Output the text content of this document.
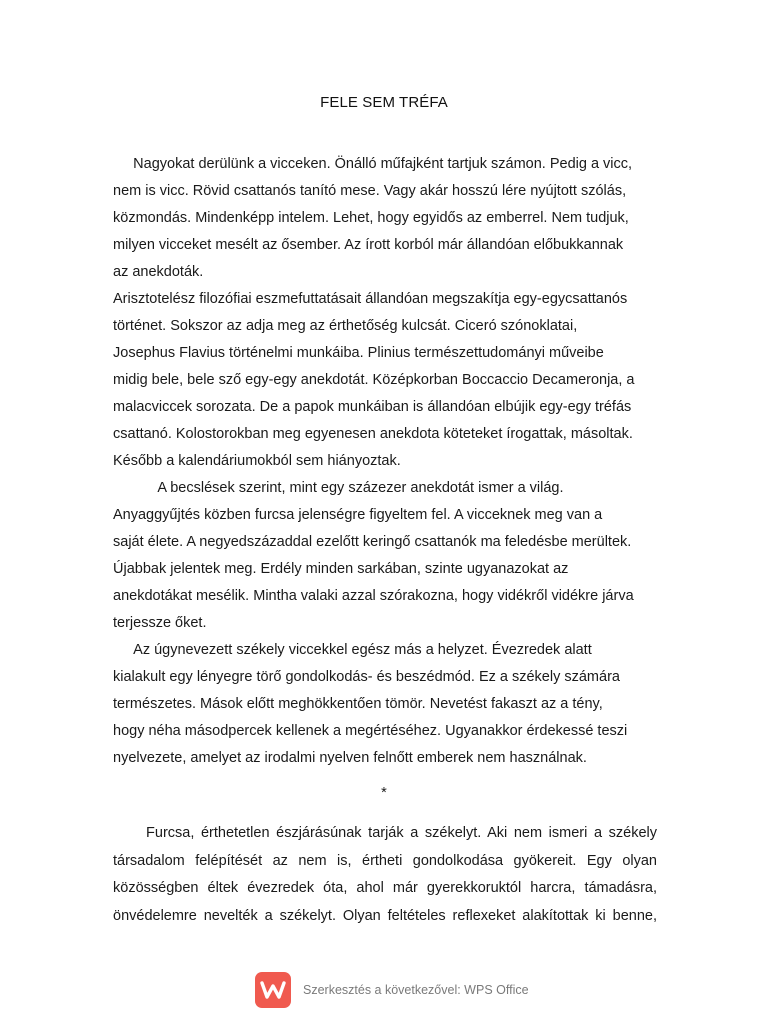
FELE SEM TRÉFA

Nagyokat derülünk a vicceken. Önálló műfajként tartjuk számon. Pedig a vicc,

nem is vicc. Rövid csattanós tanító mese. Vagy akár hosszú lére nyújtott szólás,

közmondás. Mindenképp intelem. Lehet, hogy egyidős az emberrel. Nem tudjuk,

milyen vicceket mesélt az ősember. Az írott korból már állandóan előbukkannak

az anekdoták.

Arisztotelész filozófiai eszmefuttatásait állandóan megszakítja egy-egycsattanós

történet. Sokszor az adja meg az érthetőség kulcsát. Ciceró szónoklatai,

Josephus Flavius történelmi munkáiba. Plinius természettudományi műveibe

midig bele, bele sző egy-egy anekdotát. Középkorban Boccaccio Decameronja, a

malacviccek sorozata. De a papok munkáiban is állandóan elbújik egy-egy tréfás

csattanó. Kolostorokban meg egyenesen anekdota köteteket írogattak, másoltak.

Később a kalendáriumokból sem hiányoztak.

A becslések szerint, mint egy százezer anekdotát ismer a világ.

Anyaggyűjtés közben furcsa jelenségre figyeltem fel. A vicceknek meg van a

saját élete. A negyedszázaddal ezelőtt keringő csattanók ma feledésbe merültek.

Újabbak jelentek meg. Erdély minden sarkában, szinte ugyanazokat az

anekdotákat mesélik. Mintha valaki azzal szórakozna, hogy vidékről vidékre járva

terjessze őket.

Az úgynevezett székely viccekkel egész más a helyzet. Évezredek alatt

kialakult egy lényegre törő gondolkodás- és beszédmód. Ez a székely számára

természetes. Mások előtt meghökkentően tömör. Nevetést fakaszt az a tény,

hogy néha másodpercek kellenek a megértéséhez. Ugyanakkor érdekessé teszi

nyelvezete, amelyet az irodalmi nyelven felnőtt emberek nem használnak.

*

Furcsa, érthetetlen észjárásúnak tarják a székelyt. Aki nem ismeri a székely

társadalom felépítését az nem is, értheti gondolkodása gyökereit. Egy olyan

közösségben éltek évezredek óta, ahol már gyerekkoruktól harcra, támadásra,

önvédelemre nevelték a székelyt. Olyan feltételes reflexeket alakítottak ki benne,

Szerkesztés a következővel: WPS Office
